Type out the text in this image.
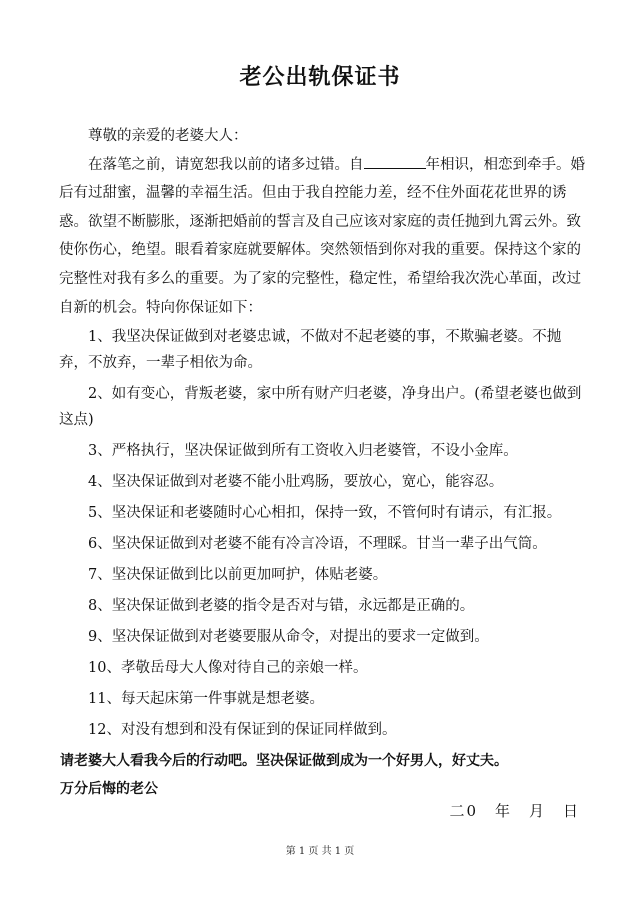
老公出轨保证书

尊敬的亲爱的老婆大人：

在落笔之前，请宽恕我以前的诸多过错。自	年相识，相恋到牵手。婚后有过甜蜜，温馨的幸福生活。但由于我自控能力差，经不住外面花花世界的诱惑。欲望不断膨胀，逐渐把婚前的誓言及自己应该对家庭的责任抛到九霄云外。致使你伤心，绝望。眼看着家庭就要解体。突然领悟到你对我的重要。保持这个家的完整性对我有多么的重要。为了家的完整性，稳定性，希望给我次洗心革面，改过自新的机会。特向你保证如下：

1、我坚决保证做到对老婆忠诚，不做对不起老婆的事，不欺骗老婆。不抛弃，不放弃，一辈子相依为命。
2、如有变心，背叛老婆，家中所有财产归老婆，净身出户。(希望老婆也做到这点)
3、严格执行，坚决保证做到所有工资收入归老婆管，不设小金库。
4、坚决保证做到对老婆不能小肚鸡肠，要放心，宽心，能容忍。
5、坚决保证和老婆随时心心相扣，保持一致，不管何时有请示，有汇报。
6、坚决保证做到对老婆不能有冷言冷语，不理睬。甘当一辈子出气筒。
7、坚决保证做到比以前更加呵护，体贴老婆。
8、坚决保证做到老婆的指令是否对与错，永远都是正确的。
9、坚决保证做到对老婆要服从命令，对提出的要求一定做到。
10、孝敬岳母大人像对待自己的亲娘一样。
11、每天起床第一件事就是想老婆。
12、对没有想到和没有保证到的保证同样做到。

请老婆大人看我今后的行动吧。坚决保证做到成为一个好男人，好丈夫。

万分后悔的老公

二0　年　月　日
第 1 页 共 1 页
